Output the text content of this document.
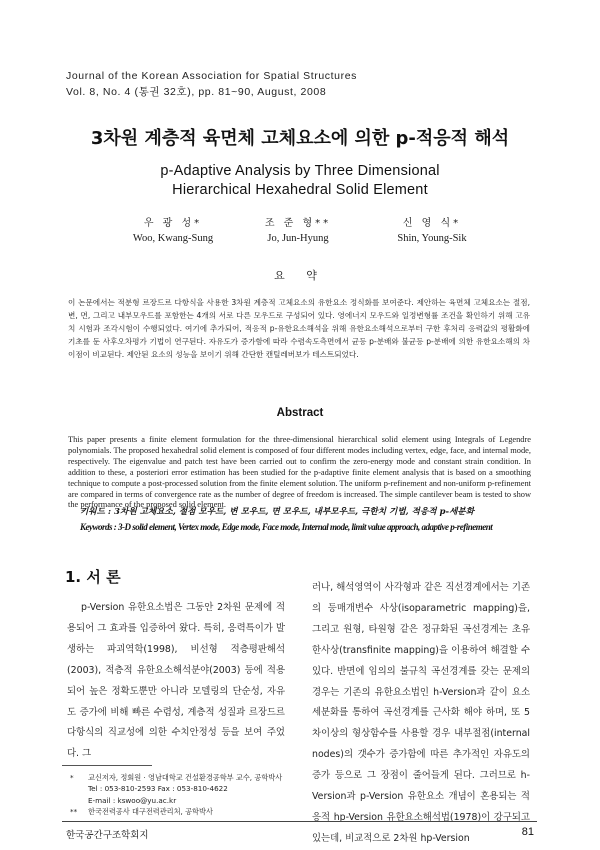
Journal of the Korean Association for Spatial Structures
Vol. 8, No. 4 (통권 32호), pp. 81~90, August, 2008
3차원 계층적 육면체 고체요소에 의한 p-적응적 해석
p-Adaptive Analysis by Three Dimensional
Hierarchical Hexahedral Solid Element
우 광 성*
Woo, Kwang-Sung
조 준 형**
Jo, Jun-Hyung
신 영 식*
Shin, Young-Sik
요 약
이 논문에서는 적분형 르장드르 다항식을 사용한 3차원 계층적 고체요소의 유한요소 정식화를 보여준다. 제안하는 육면체 고체요소는 절점, 변, 면, 그리고 내부모우드를 포함한는 4개의 서로 다른 모우드로 구성되어 있다. 영에너지 모우드와 일정변형률 조건을 확인하기 위해 고유치 시험과 조각시험이 수행되었다. 여기에 추가되어, 적응적 p-유한요소해석을 위해 유한요소해석으로부터 구한 후처리 응력값의 평활화에 기초를 둔 사후오차평가 기법이 연구된다. 자유도가 증가함에 따라 수렴속도측면에서 균등 p-분배와 불균등 p-분배에 의한 유한요소해의 차이점이 비교된다. 제안된 요소의 성능을 보이기 위해 간단한 캔틸레버보가 테스트되었다.
Abstract
This paper presents a finite element formulation for the three-dimensional hierarchical solid element using Integrals of Legendre polynomials. The proposed hexahedral solid element is composed of four different modes including vertex, edge, face, and internal mode, respectively. The eigenvalue and patch test have been carried out to confirm the zero-energy mode and constant strain condition. In addition to these, a posteriori error estimation has been studied for the p-adaptive finite element analysis that is based on a smoothing technique to compute a post-processed solution from the finite element solution. The uniform p-refinement and non-uniform p-refinement are compared in terms of convergence rate as the number of degree of freedom is increased. The simple cantilever beam is tested to show the performance of the proposed solid element.
키워드 : 3차원 고체요소, 절점 모우드, 변 모우드, 면 모우드, 내부모우드, 극한치 기법, 적응적 p-세분화
Keywords : 3-D solid element, Vertex mode, Edge mode, Face mode, Internal mode, limit value approach, adaptive p-refinement
1. 서 론
p-Version 유한요소법은 그동안 2차원 문제에 적용되어 그 효과를 입증하여 왔다. 특히, 응력특이가 발생하는 파괴역학(1998), 비선형 적층평판해석(2003), 적층적 유한요소해석분야(2003) 등에 적용되어 높은 정확도뿐만 아니라 모델링의 단순성, 자유도 증가에 비해 빠른 수렴성, 계층적 성질과 르장드르 다항식의 직교성에 의한 수치안정성 등을 보여 주었다. 그
러나, 해석영역이 사각형과 같은 직선경계에서는 기존의 등매개변수 사상(isoparametric mapping)을, 그리고 원형, 타원형 같은 정규화된 곡선경계는 초유한사상(transfinite mapping)을 이용하여 해결할 수 있다. 반면에 임의의 불규칙 곡선경계를 갖는 문제의 경우는 기존의 유한요소법인 h-Version과 같이 요소세분화를 통하여 곡선경계를 근사화 해야 하며, 또 5차이상의 형상함수를 사용할 경우 내부절점(internal nodes)의 갯수가 증가함에 따른 추가적인 자유도의 증가 등으로 그 장점이 줄어들게 된다. 그러므로 h-Version과 p-Version 유한요소 개념이 혼용되는 적응적 hp-Version 유한요소해석법(1978)이 강구되고 있는데, 비교적으로 2차원 hp-Version
*	교신저자, 정회원 · 영남대학교 건설환경공학부 교수, 공학박사
Tel : 053-810-2593 Fax : 053-810-4622
E-mail : kswoo@yu.ac.kr
**	한국전력공사 대구전력관리처, 공학박사
한국공간구조학회지	81
